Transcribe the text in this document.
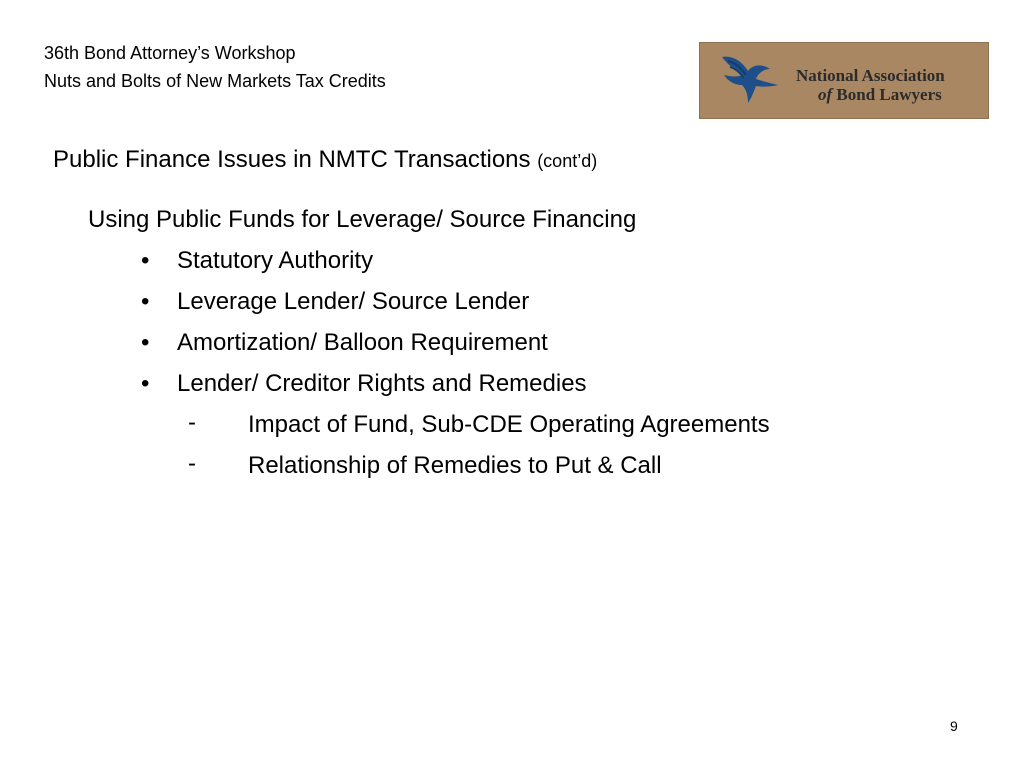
36th Bond Attorney’s Workshop
Nuts and Bolts of New Markets Tax Credits	National Association
of Bond Lawyers
Public Finance Issues in NMTC Transactions (cont’d)
Using Public Funds for Leverage/ Source Financing
•	Statutory Authority
•	Leverage Lender/ Source Lender
•	Amortization/ Balloon Requirement
•	Lender/ Creditor Rights and Remedies
- Impact of Fund, Sub-CDE Operating Agreements
- Relationship of Remedies to Put & Call
9
